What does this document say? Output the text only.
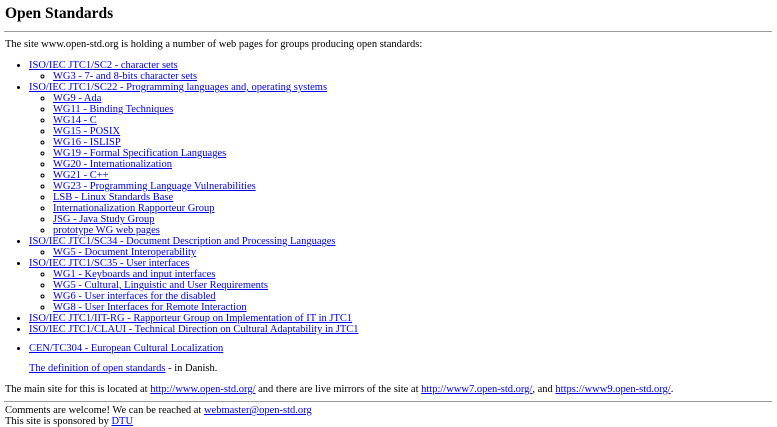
Open Standards

The site www.open-std.org is holding a number of web pages for groups producing open standards:

• ISO/IEC JTC1/SC2 - character sets
◦ WG3 - 7- and 8-bits character sets
• ISO/IEC JTC1/SC22 - Programming languages and, operating systems
◦ WG9 - Ada
◦ WG11 - Binding Techniques
◦ WG14 - C
◦ WG15 - POSIX
◦ WG16 - ISLISP
◦ WG19 - Formal Specification Languages
◦ WG20 - Internationalization
◦ WG21 - C++
◦ WG23 - Programming Language Vulnerabilities
◦ LSB - Linux Standards Base
◦ Internationalization Rapporteur Group
◦ JSG - Java Study Group
◦ prototype WG web pages
• ISO/IEC JTC1/SC34 - Document Description and Processing Languages
◦ WG5 - Document Interoperability
• ISO/IEC JTC1/SC35 - User interfaces
◦ WG1 - Keyboards and input interfaces
◦ WG5 - Cultural, Linguistic and User Requirements
◦ WG6 - User interfaces for the disabled
◦ WG8 - User Interfaces for Remote Interaction
• ISO/IEC JTC1/IIT-RG - Rapporteur Group on Implementation of IT in JTC1
• ISO/IEC JTC1/CLAUI - Technical Direction on Cultural Adaptability in JTC1
• CEN/TC304 - European Cultural Localization
The definition of open standards - in Danish.

The main site for this is located at http://www.open-std.org/ and there are live mirrors of the site at http://www7.open-std.org/, and https://www9.open-std.org/.

Comments are welcome! We can be reached at webmaster@open-std.org

This site is sponsored by DTU
